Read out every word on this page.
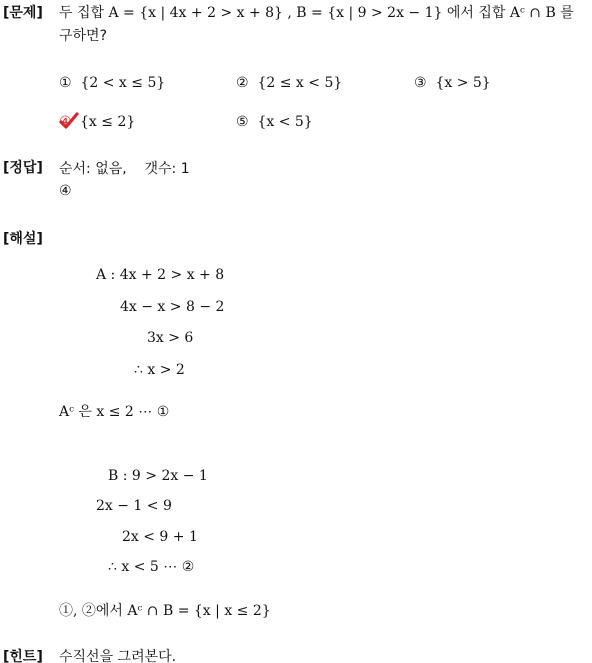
[문제] 두 집합 A = {x | 4x + 2 > x + 8} , B = {x | 9 > 2x − 1} 에서 집합 Aᶜ ∩ B 를
구하면?
① {2 < x ≤ 5}	② {2 ≤ x < 5}	③ {x > 5}
④ {x ≤ 2}	⑤ {x < 5}
[정답] 순서: 없음,    갯수: 1
④
[해설]
A : 4x + 2 > x + 8
4x − x > 8 − 2
3x > 6
∴ x > 2
Aᶜ 은 x ≤ 2 ⋯ ①
B : 9 > 2x − 1
2x − 1 < 9
2x < 9 + 1
∴ x < 5 ⋯ ②
①, ②에서 Aᶜ ∩ B = {x | x ≤ 2}
[힌트] 수직선을 그려본다.
